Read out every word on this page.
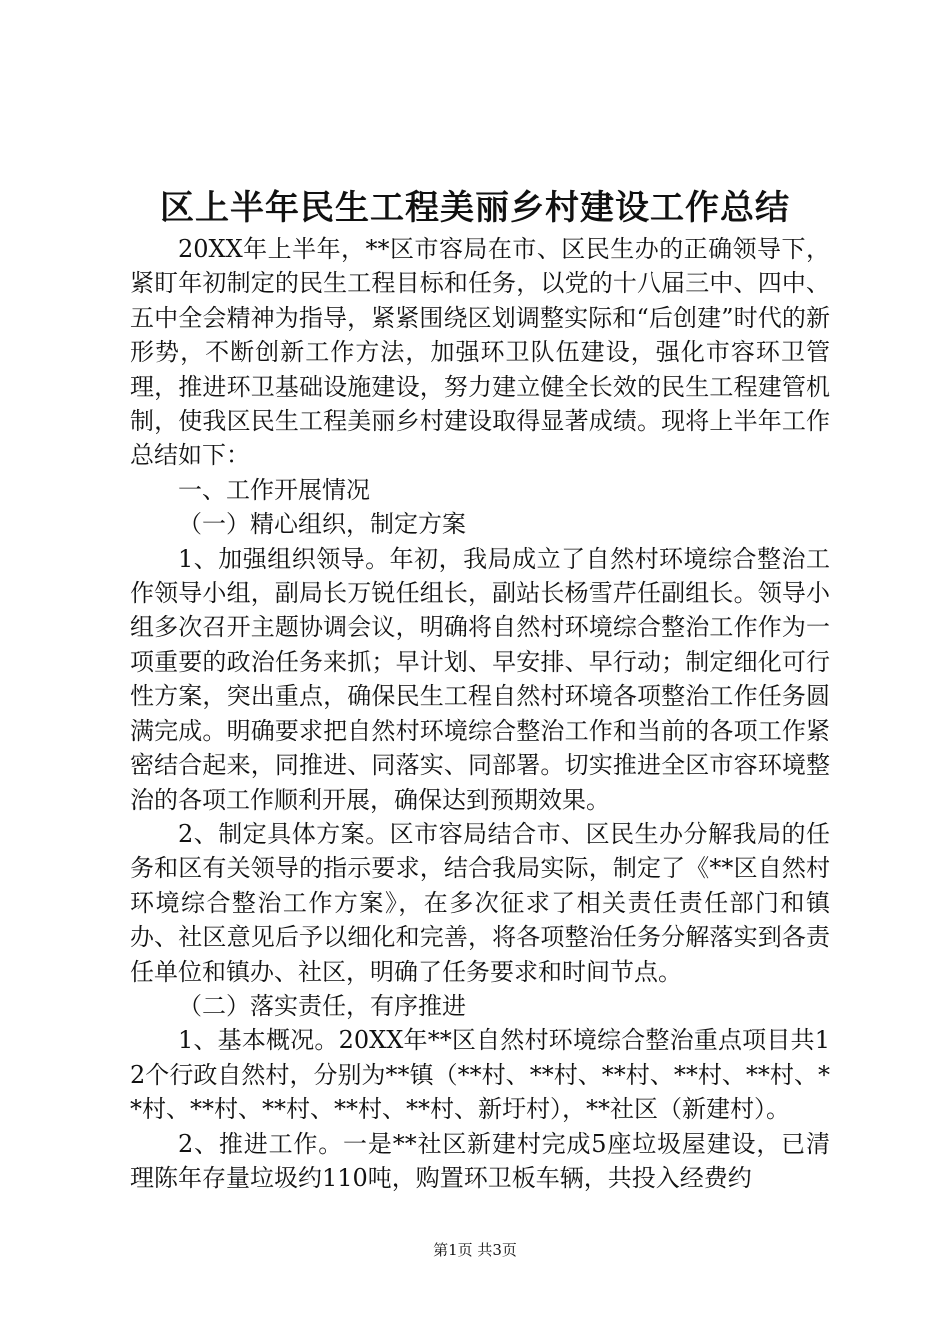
区上半年民生工程美丽乡村建设工作总结

20XX年上半年，**区市容局在市、区民生办的正确领导下，紧盯年初制定的民生工程目标和任务，以党的十八届三中、四中、五中全会精神为指导，紧紧围绕区划调整实际和“后创建”时代的新形势，不断创新工作方法，加强环卫队伍建设，强化市容环卫管理，推进环卫基础设施建设，努力建立健全长效的民生工程建管机制，使我区民生工程美丽乡村建设取得显著成绩。现将上半年工作总结如下：

一、工作开展情况

（一）精心组织，制定方案

1、加强组织领导。年初，我局成立了自然村环境综合整治工作领导小组，副局长万锐任组长，副站长杨雪芹任副组长。领导小组多次召开主题协调会议，明确将自然村环境综合整治工作作为一项重要的政治任务来抓；早计划、早安排、早行动；制定细化可行性方案，突出重点，确保民生工程自然村环境各项整治工作任务圆满完成。明确要求把自然村环境综合整治工作和当前的各项工作紧密结合起来，同推进、同落实、同部署。切实推进全区市容环境整治的各项工作顺利开展，确保达到预期效果。

2、制定具体方案。区市容局结合市、区民生办分解我局的任务和区有关领导的指示要求，结合我局实际，制定了《**区自然村环境综合整治工作方案》，在多次征求了相关责任责任部门和镇办、社区意见后予以细化和完善，将各项整治任务分解落实到各责任单位和镇办、社区，明确了任务要求和时间节点。

（二）落实责任，有序推进

1、基本概况。20XX年**区自然村环境综合整治重点项目共12个行政自然村，分别为**镇（**村、**村、**村、**村、**村、**村、**村、**村、**村、**村、新圩村），**社区（新建村）。

2、推进工作。一是**社区新建村完成5座垃圾屋建设，已清理陈年存量垃圾约110吨，购置环卫板车辆，共投入经费约

第1页 共3页
